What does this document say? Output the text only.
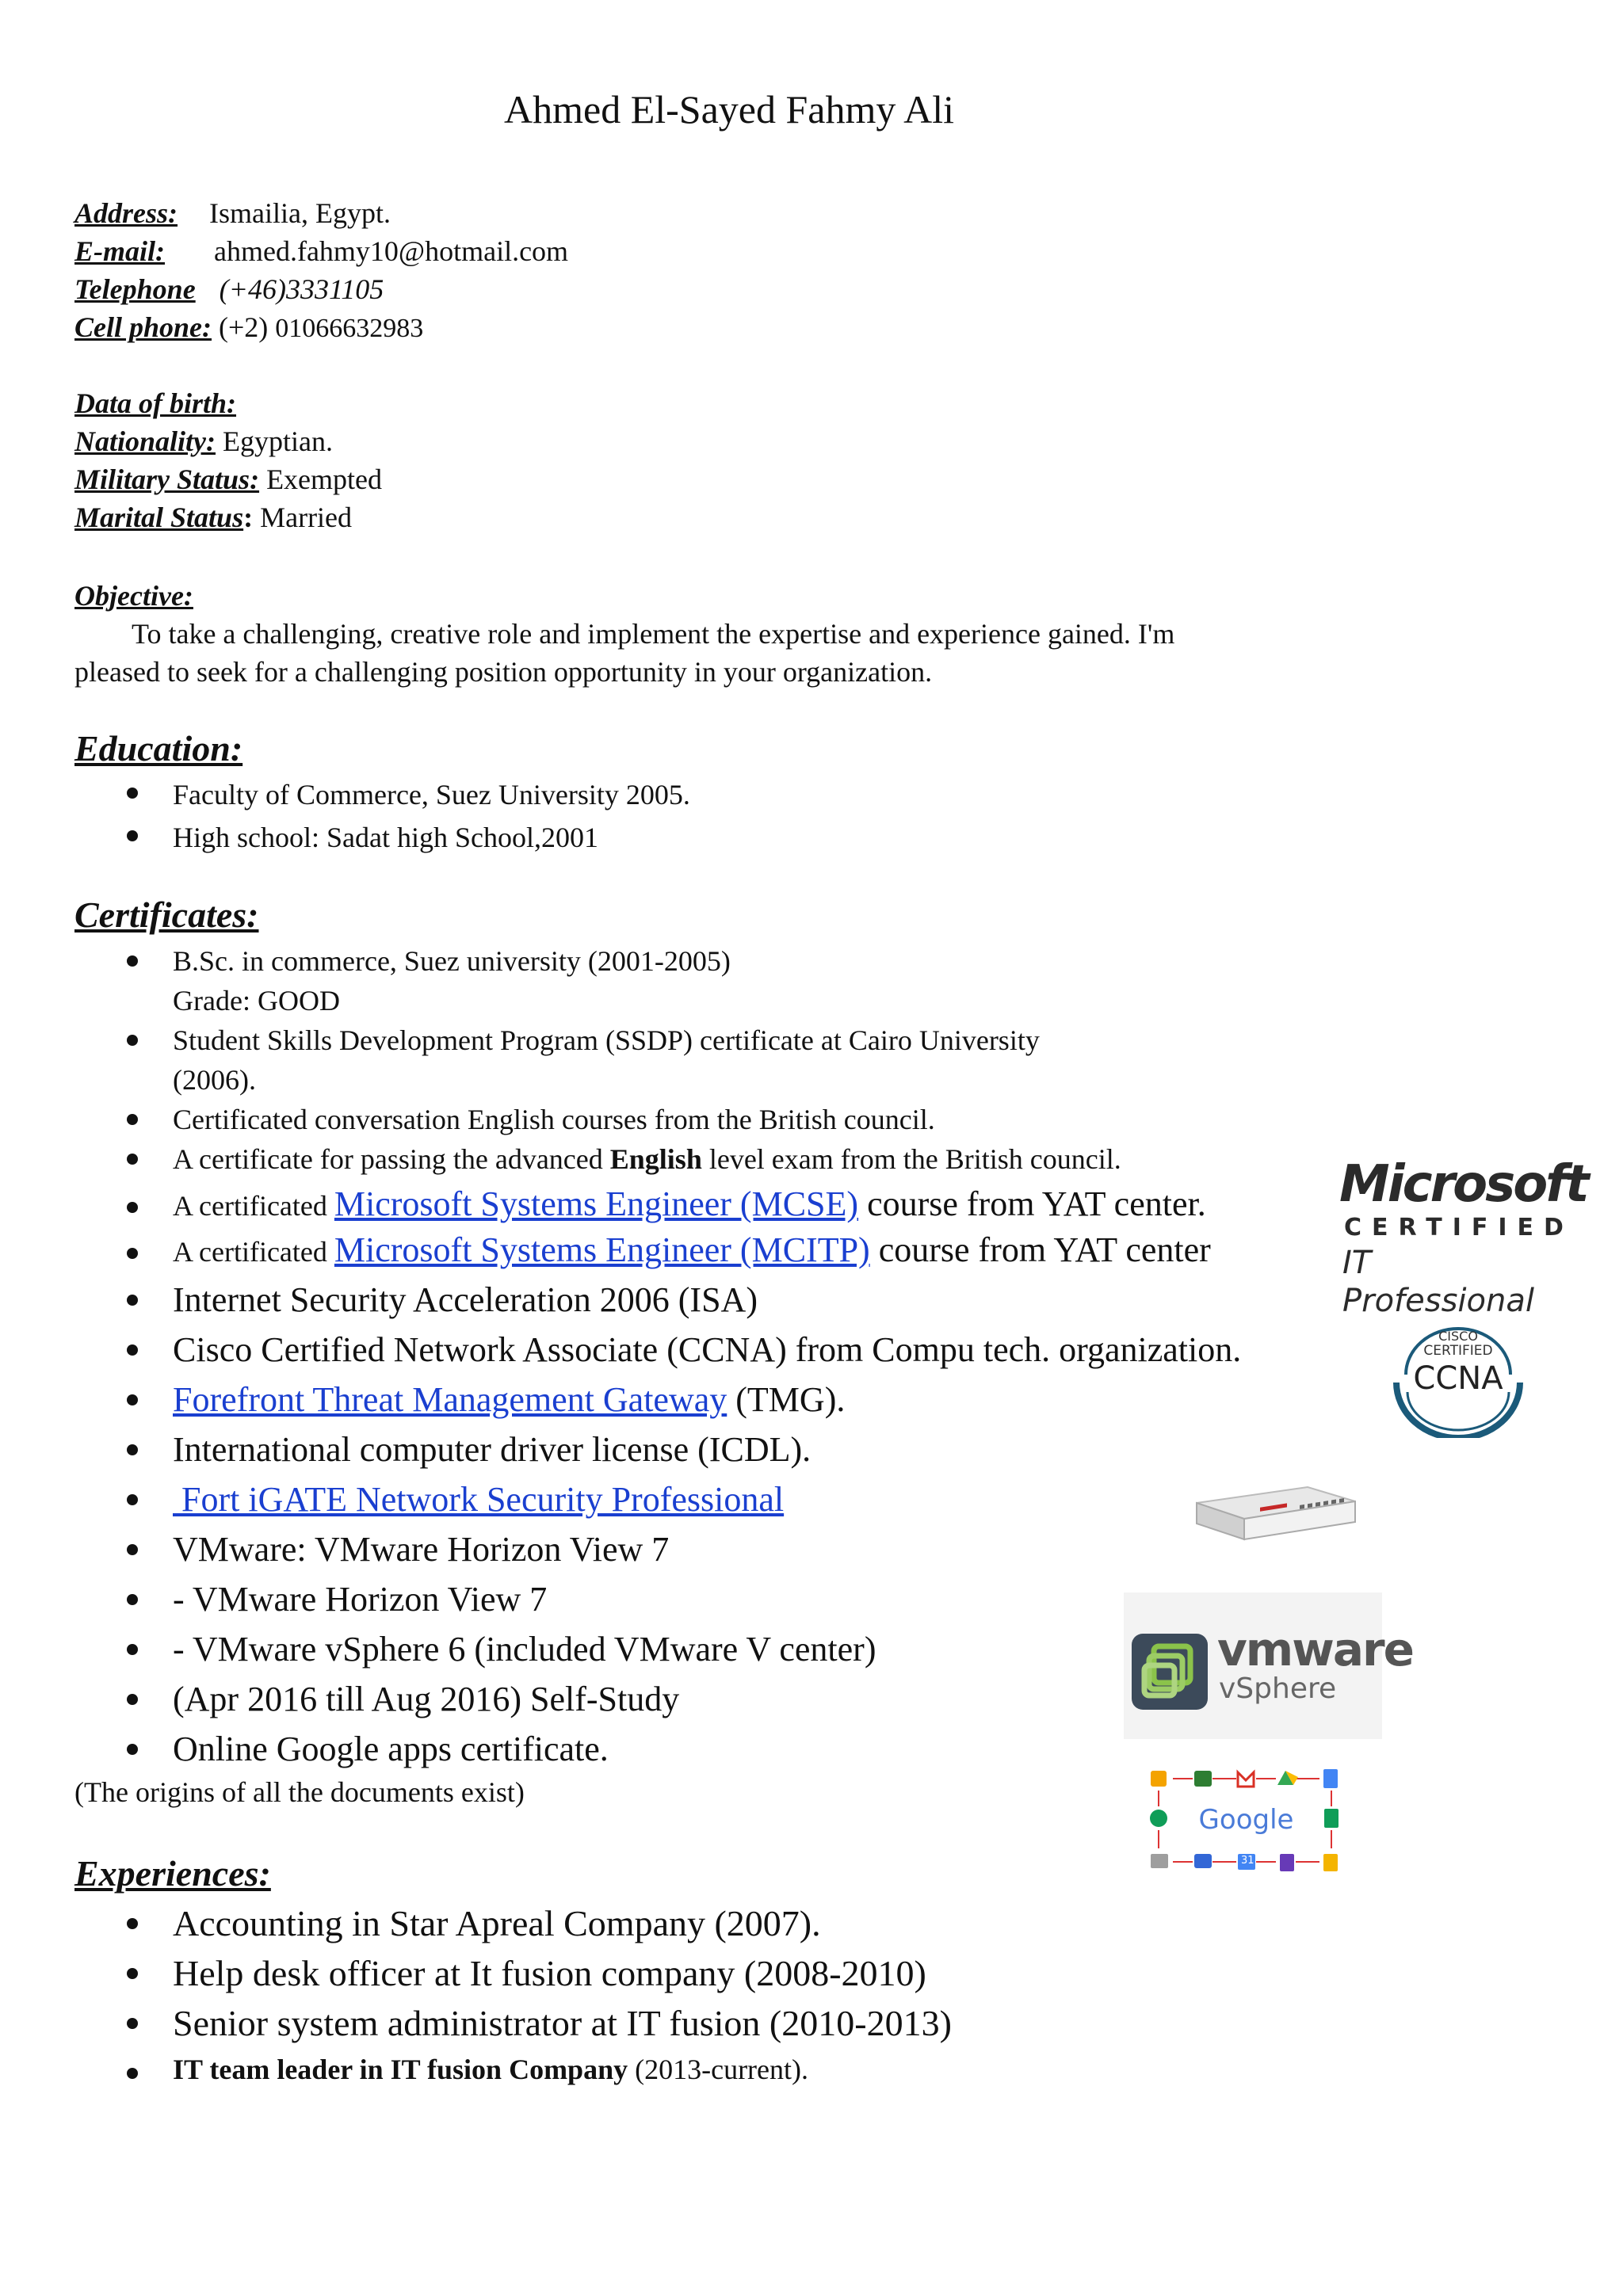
Ahmed El-Sayed Fahmy Ali
Address: Ismailia, Egypt.
E-mail: ahmed.fahmy10@hotmail.com
Telephone (+46)3331105
Cell phone: (+2) 01066632983
Data of birth:
Nationality: Egyptian.
Military Status: Exempted
Marital Status: Married
Objective:
To take a challenging, creative role and implement the expertise and experience gained. I'm
pleased to seek for a challenging position opportunity in your organization.
Education:
Faculty of Commerce, Suez University 2005.
High school: Sadat high School,2001
Certificates:
B.Sc. in commerce, Suez university (2001-2005)
Grade: GOOD
Student Skills Development Program (SSDP) certificate at Cairo University
(2006).
Certificated conversation English courses from the British council.
A certificate for passing the advanced English level exam from the British council.
A certificated Microsoft Systems Engineer (MCSE) course from YAT center.
A certificated Microsoft Systems Engineer (MCITP) course from YAT center
Internet Security Acceleration 2006 (ISA)
Cisco Certified Network Associate (CCNA) from Compu tech. organization.
Forefront Threat Management Gateway (TMG).
International computer driver license (ICDL).
Fort iGATE Network Security Professional
VMware: VMware Horizon View 7
- VMware Horizon View 7
- VMware vSphere 6 (included VMware V center)
(Apr 2016 till Aug 2016) Self-Study
Online Google apps certificate.
(The origins of all the documents exist)
Experiences:
Accounting in Star Apreal Company (2007).
Help desk officer at It fusion company (2008-2010)
Senior system administrator at IT fusion (2010-2013)
IT team leader in IT fusion Company (2013-current).
Microsoft
CERTIFIED
IT Professional
CISCO
CERTIFIED
CCNA
vmware
vSphere
31
Google
